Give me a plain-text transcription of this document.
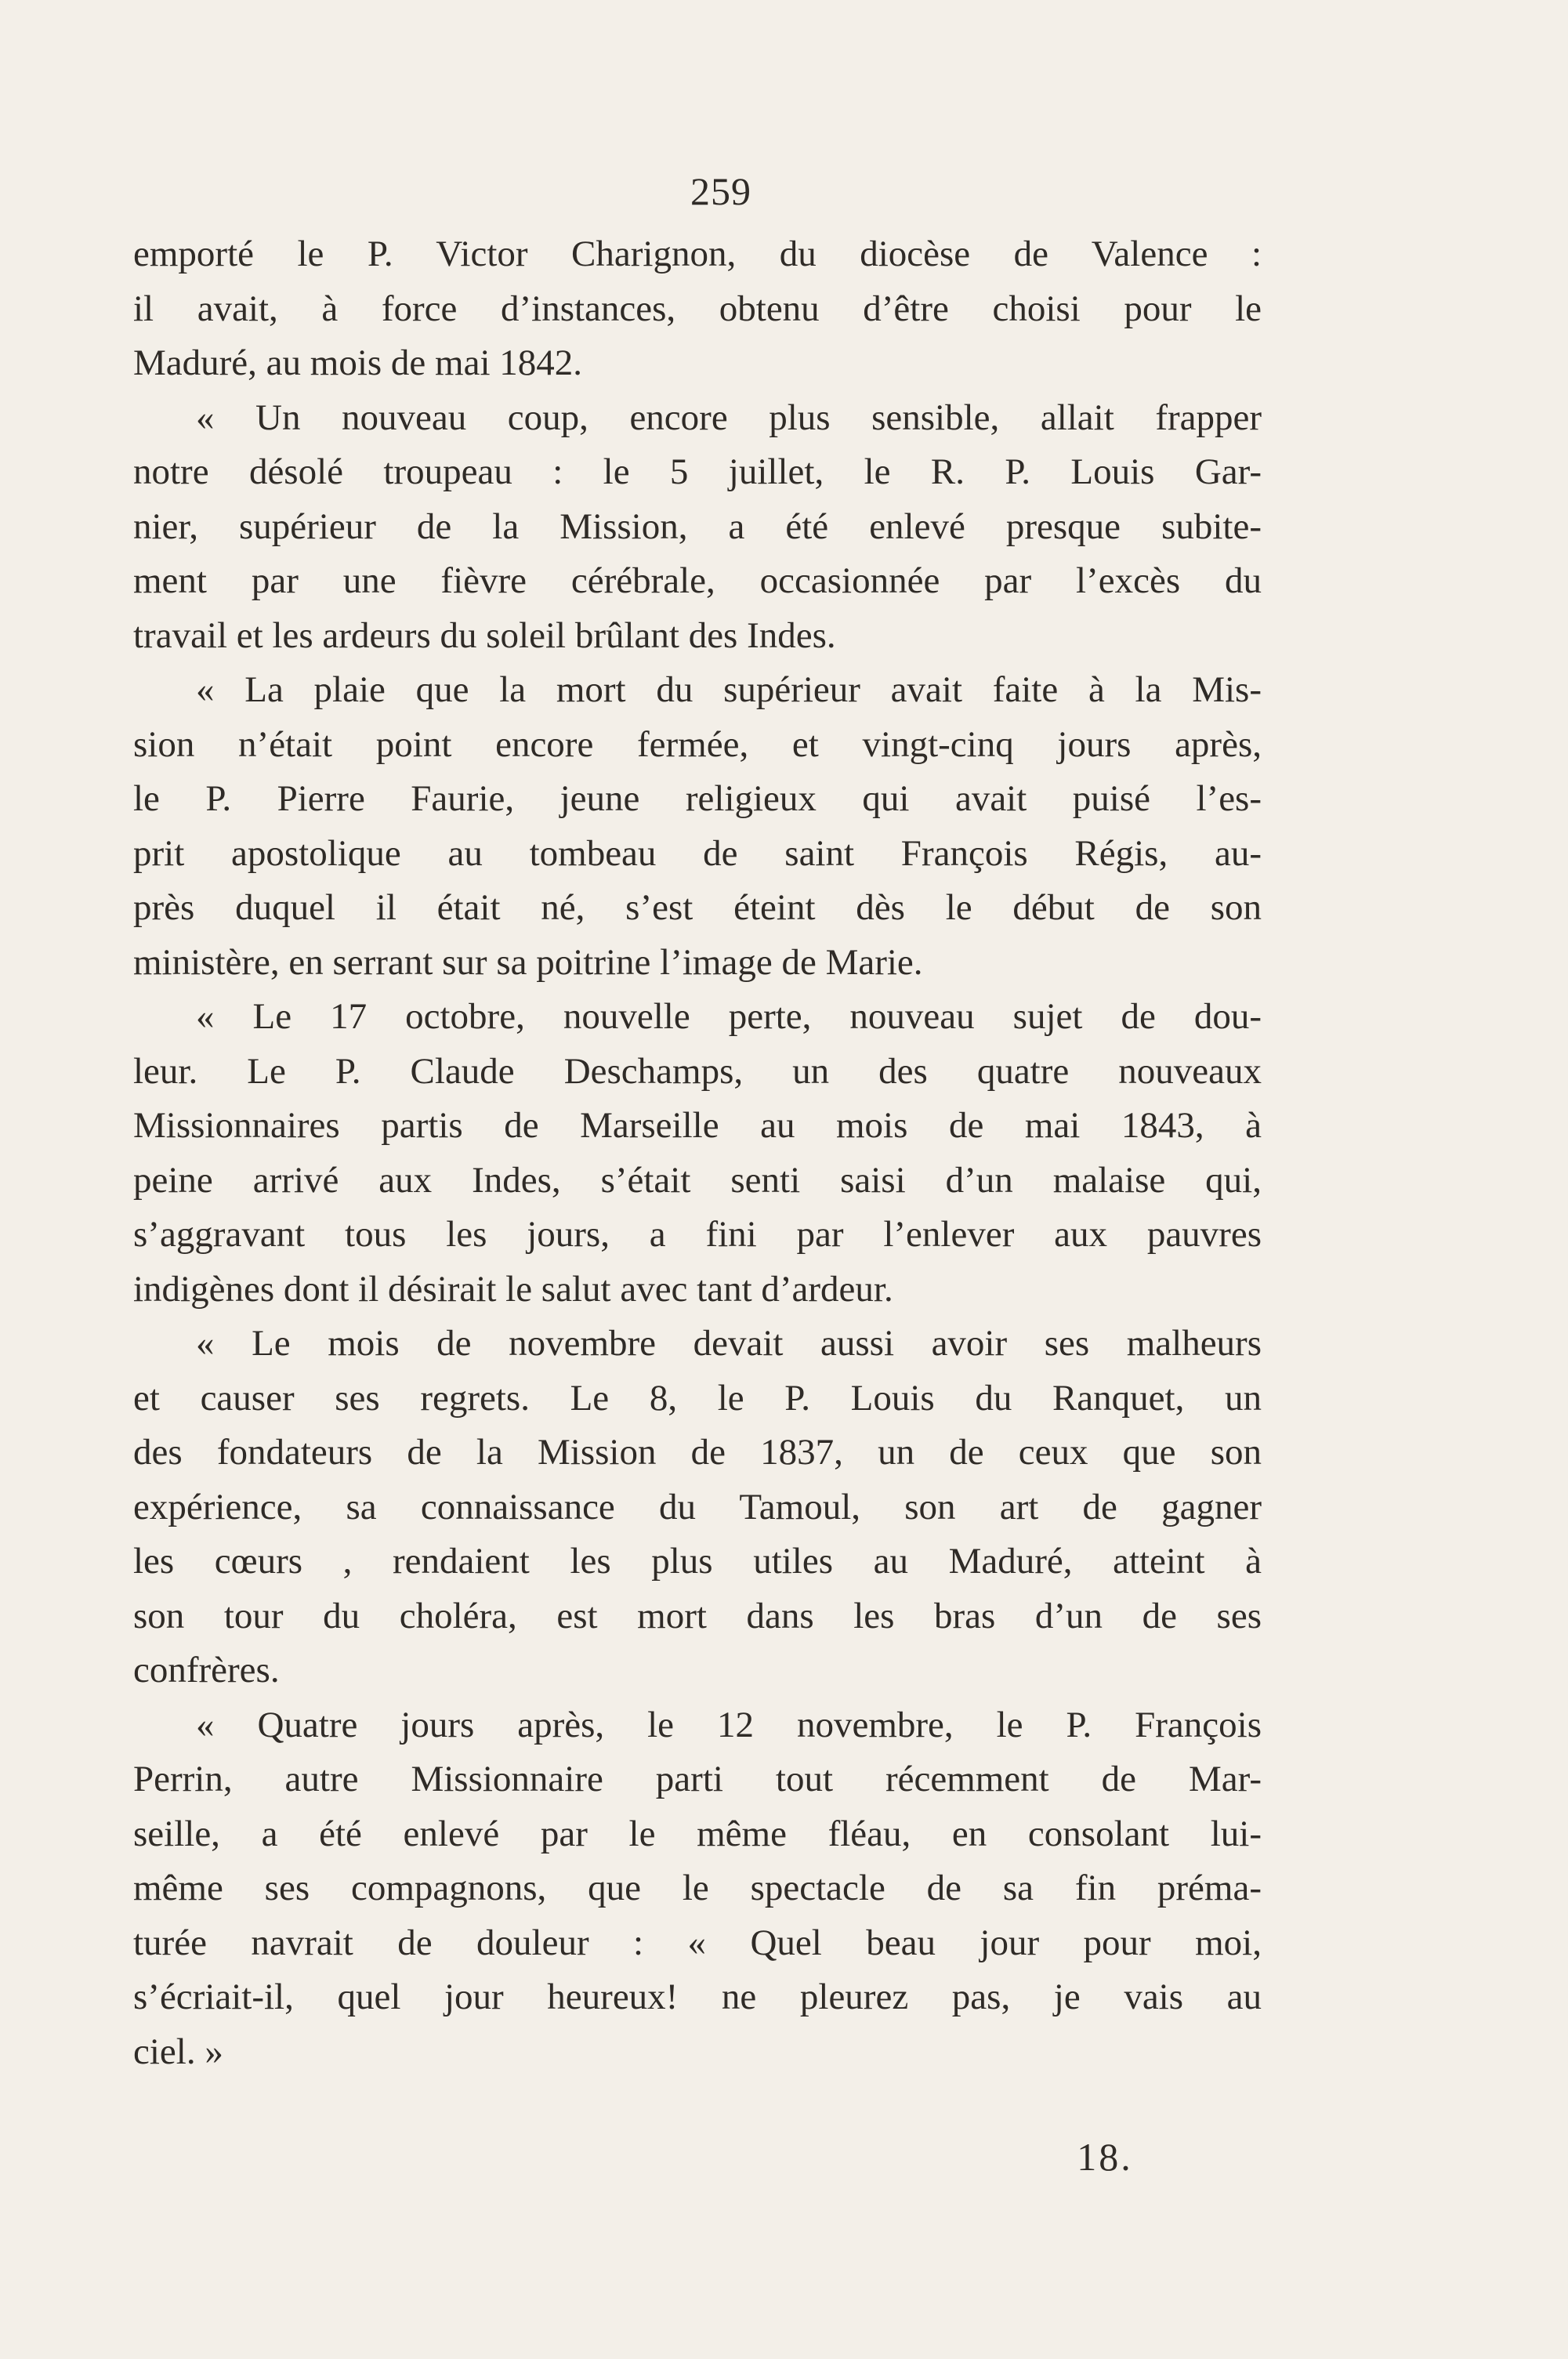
259
emporté le P. Victor Charignon, du diocèse de Valence :
il avait, à force d’instances, obtenu d’être choisi pour le
Maduré, au mois de mai 1842.
« Un nouveau coup, encore plus sensible, allait frapper
notre désolé troupeau : le 5 juillet, le R. P. Louis Gar-
nier, supérieur de la Mission, a été enlevé presque subite-
ment par une fièvre cérébrale, occasionnée par l’excès du
travail et les ardeurs du soleil brûlant des Indes.
« La plaie que la mort du supérieur avait faite à la Mis-
sion n’était point encore fermée, et vingt-cinq jours après,
le P. Pierre Faurie, jeune religieux qui avait puisé l’es-
prit apostolique au tombeau de saint François Régis, au-
près duquel il était né, s’est éteint dès le début de son
ministère, en serrant sur sa poitrine l’image de Marie.
« Le 17 octobre, nouvelle perte, nouveau sujet de dou-
leur. Le P. Claude Deschamps, un des quatre nouveaux
Missionnaires partis de Marseille au mois de mai 1843, à
peine arrivé aux Indes, s’était senti saisi d’un malaise qui,
s’aggravant tous les jours, a fini par l’enlever aux pauvres
indigènes dont il désirait le salut avec tant d’ardeur.
« Le mois de novembre devait aussi avoir ses malheurs
et causer ses regrets. Le 8, le P. Louis du Ranquet, un
des fondateurs de la Mission de 1837, un de ceux que son
expérience, sa connaissance du Tamoul, son art de gagner
les cœurs , rendaient les plus utiles au Maduré, atteint à
son tour du choléra, est mort dans les bras d’un de ses
confrères.
« Quatre jours après, le 12 novembre, le P. François
Perrin, autre Missionnaire parti tout récemment de Mar-
seille, a été enlevé par le même fléau, en consolant lui-
même ses compagnons, que le spectacle de sa fin préma-
turée navrait de douleur : « Quel beau jour pour moi,
s’écriait-il, quel jour heureux! ne pleurez pas, je vais au
ciel. »
18.
